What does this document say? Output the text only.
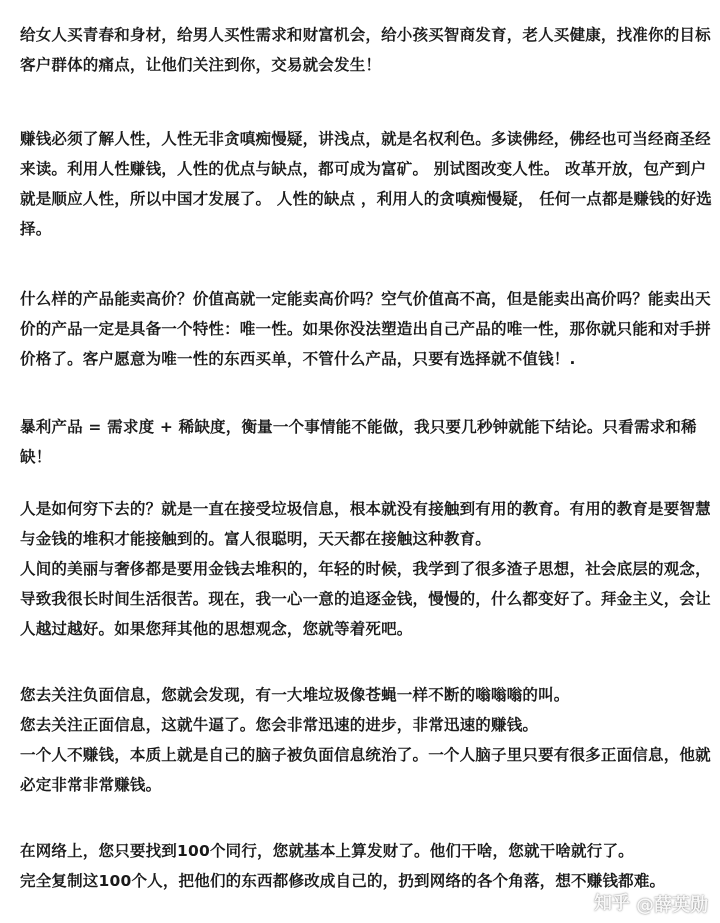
给女人买青春和身材，给男人买性需求和财富机会，给小孩买智商发育，老人买健康，找准你的目标
客户群体的痛点，让他们关注到你，交易就会发生！
赚钱必须了解人性，人性无非贪嗔痴慢疑，讲浅点，就是名权利色。多读佛经，佛经也可当经商圣经
来读。利用人性赚钱，人性的优点与缺点，都可成为富矿。 别试图改变人性。 改革开放，包产到户
就是顺应人性，所以中国才发展了。 人性的缺点 ，利用人的贪嗔痴慢疑， 任何一点都是赚钱的好选
择。
什么样的产品能卖高价？价值高就一定能卖高价吗？空气价值高不高，但是能卖出高价吗？能卖出天
价的产品一定是具备一个特性：唯一性。如果你没法塑造出自己产品的唯一性，那你就只能和对手拼
价格了。客户愿意为唯一性的东西买单，不管什么产品，只要有选择就不值钱！.
暴利产品 = 需求度 + 稀缺度，衡量一个事情能不能做，我只要几秒钟就能下结论。只看需求和稀
缺！
人是如何穷下去的？就是一直在接受垃圾信息，根本就没有接触到有用的教育。有用的教育是要智慧
与金钱的堆积才能接触到的。富人很聪明，天天都在接触这种教育。
人间的美丽与奢侈都是要用金钱去堆积的，年轻的时候，我学到了很多渣子思想，社会底层的观念，
导致我很长时间生活很苦。现在，我一心一意的追逐金钱，慢慢的，什么都变好了。拜金主义，会让
人越过越好。如果您拜其他的思想观念，您就等着死吧。
您去关注负面信息，您就会发现，有一大堆垃圾像苍蝇一样不断的嗡嗡嗡的叫。
您去关注正面信息，这就牛逼了。您会非常迅速的进步，非常迅速的赚钱。
一个人不赚钱，本质上就是自己的脑子被负面信息统治了。一个人脑子里只要有很多正面信息，他就
必定非常非常赚钱。
在网络上，您只要找到100个同行，您就基本上算发财了。他们干啥，您就干啥就行了。
完全复制这100个人，把他们的东西都修改成自己的，扔到网络的各个角落，想不赚钱都难。
知乎 @薛英勋
